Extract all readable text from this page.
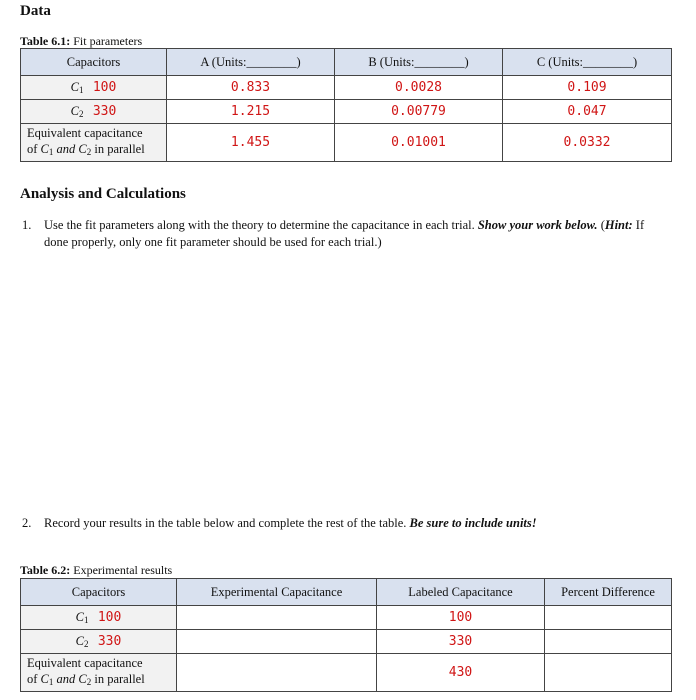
Data
Table 6.1: Fit parameters
Capacitors	A (Units:________)	B (Units:________)	C (Units:________)
$C_1$ 100	0.833	0.0028	0.109
$C_2$ 330	1.215	0.00779	0.047
Equivalent capacitance
of $C_1$ and $C_2$ in parallel	1.455	0.01001	0.0332
Analysis and Calculations
1. Use the fit parameters along with the theory to determine the capacitance in each trial. Show your work below. (Hint: If done properly, only one fit parameter should be used for each trial.)
2. Record your results in the table below and complete the rest of the table. Be sure to include units!
Table 6.2: Experimental results
Capacitors	Experimental Capacitance	Labeled Capacitance	Percent Difference
$C_1$ 100		100	
$C_2$ 330		330	
Equivalent capacitance
of $C_1$ and $C_2$ in parallel		430	
